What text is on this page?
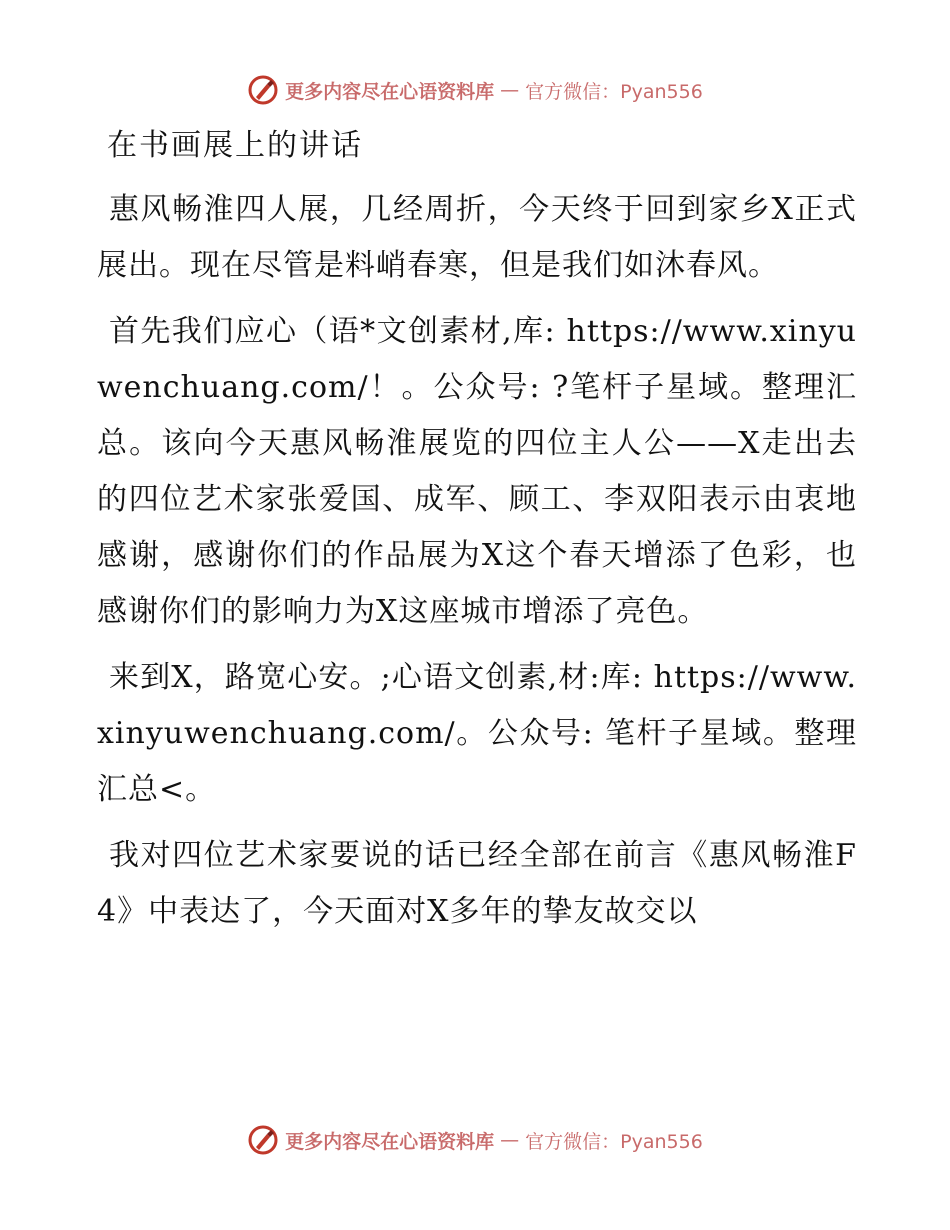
更多内容尽在心语资料库 — 官方微信：Pyan556
在书画展上的讲话

惠风畅淮四人展，几经周折，今天终于回到家乡X正式展出。现在尽管是料峭春寒，但是我们如沐春风。

首先我们应心（语*文创素材,库: https://www.xinyuwenchuang.com/！。公众号: ?笔杆子星域。整理汇总。该向今天惠风畅淮展览的四位主人公——X走出去的四位艺术家张爱国、成军、顾工、李双阳表示由衷地感谢，感谢你们的作品展为X这个春天增添了色彩，也感谢你们的影响力为X这座城市增添了亮色。

来到X，路宽心安。;心语文创素,材:库: https://www.xinyuwenchuang.com/。公众号: 笔杆子星域。整理汇总<。

我对四位艺术家要说的话已经全部在前言《惠风畅淮F4》中表达了，今天面对X多年的挚友故交以

更多内容尽在心语资料库 — 官方微信：Pyan556
